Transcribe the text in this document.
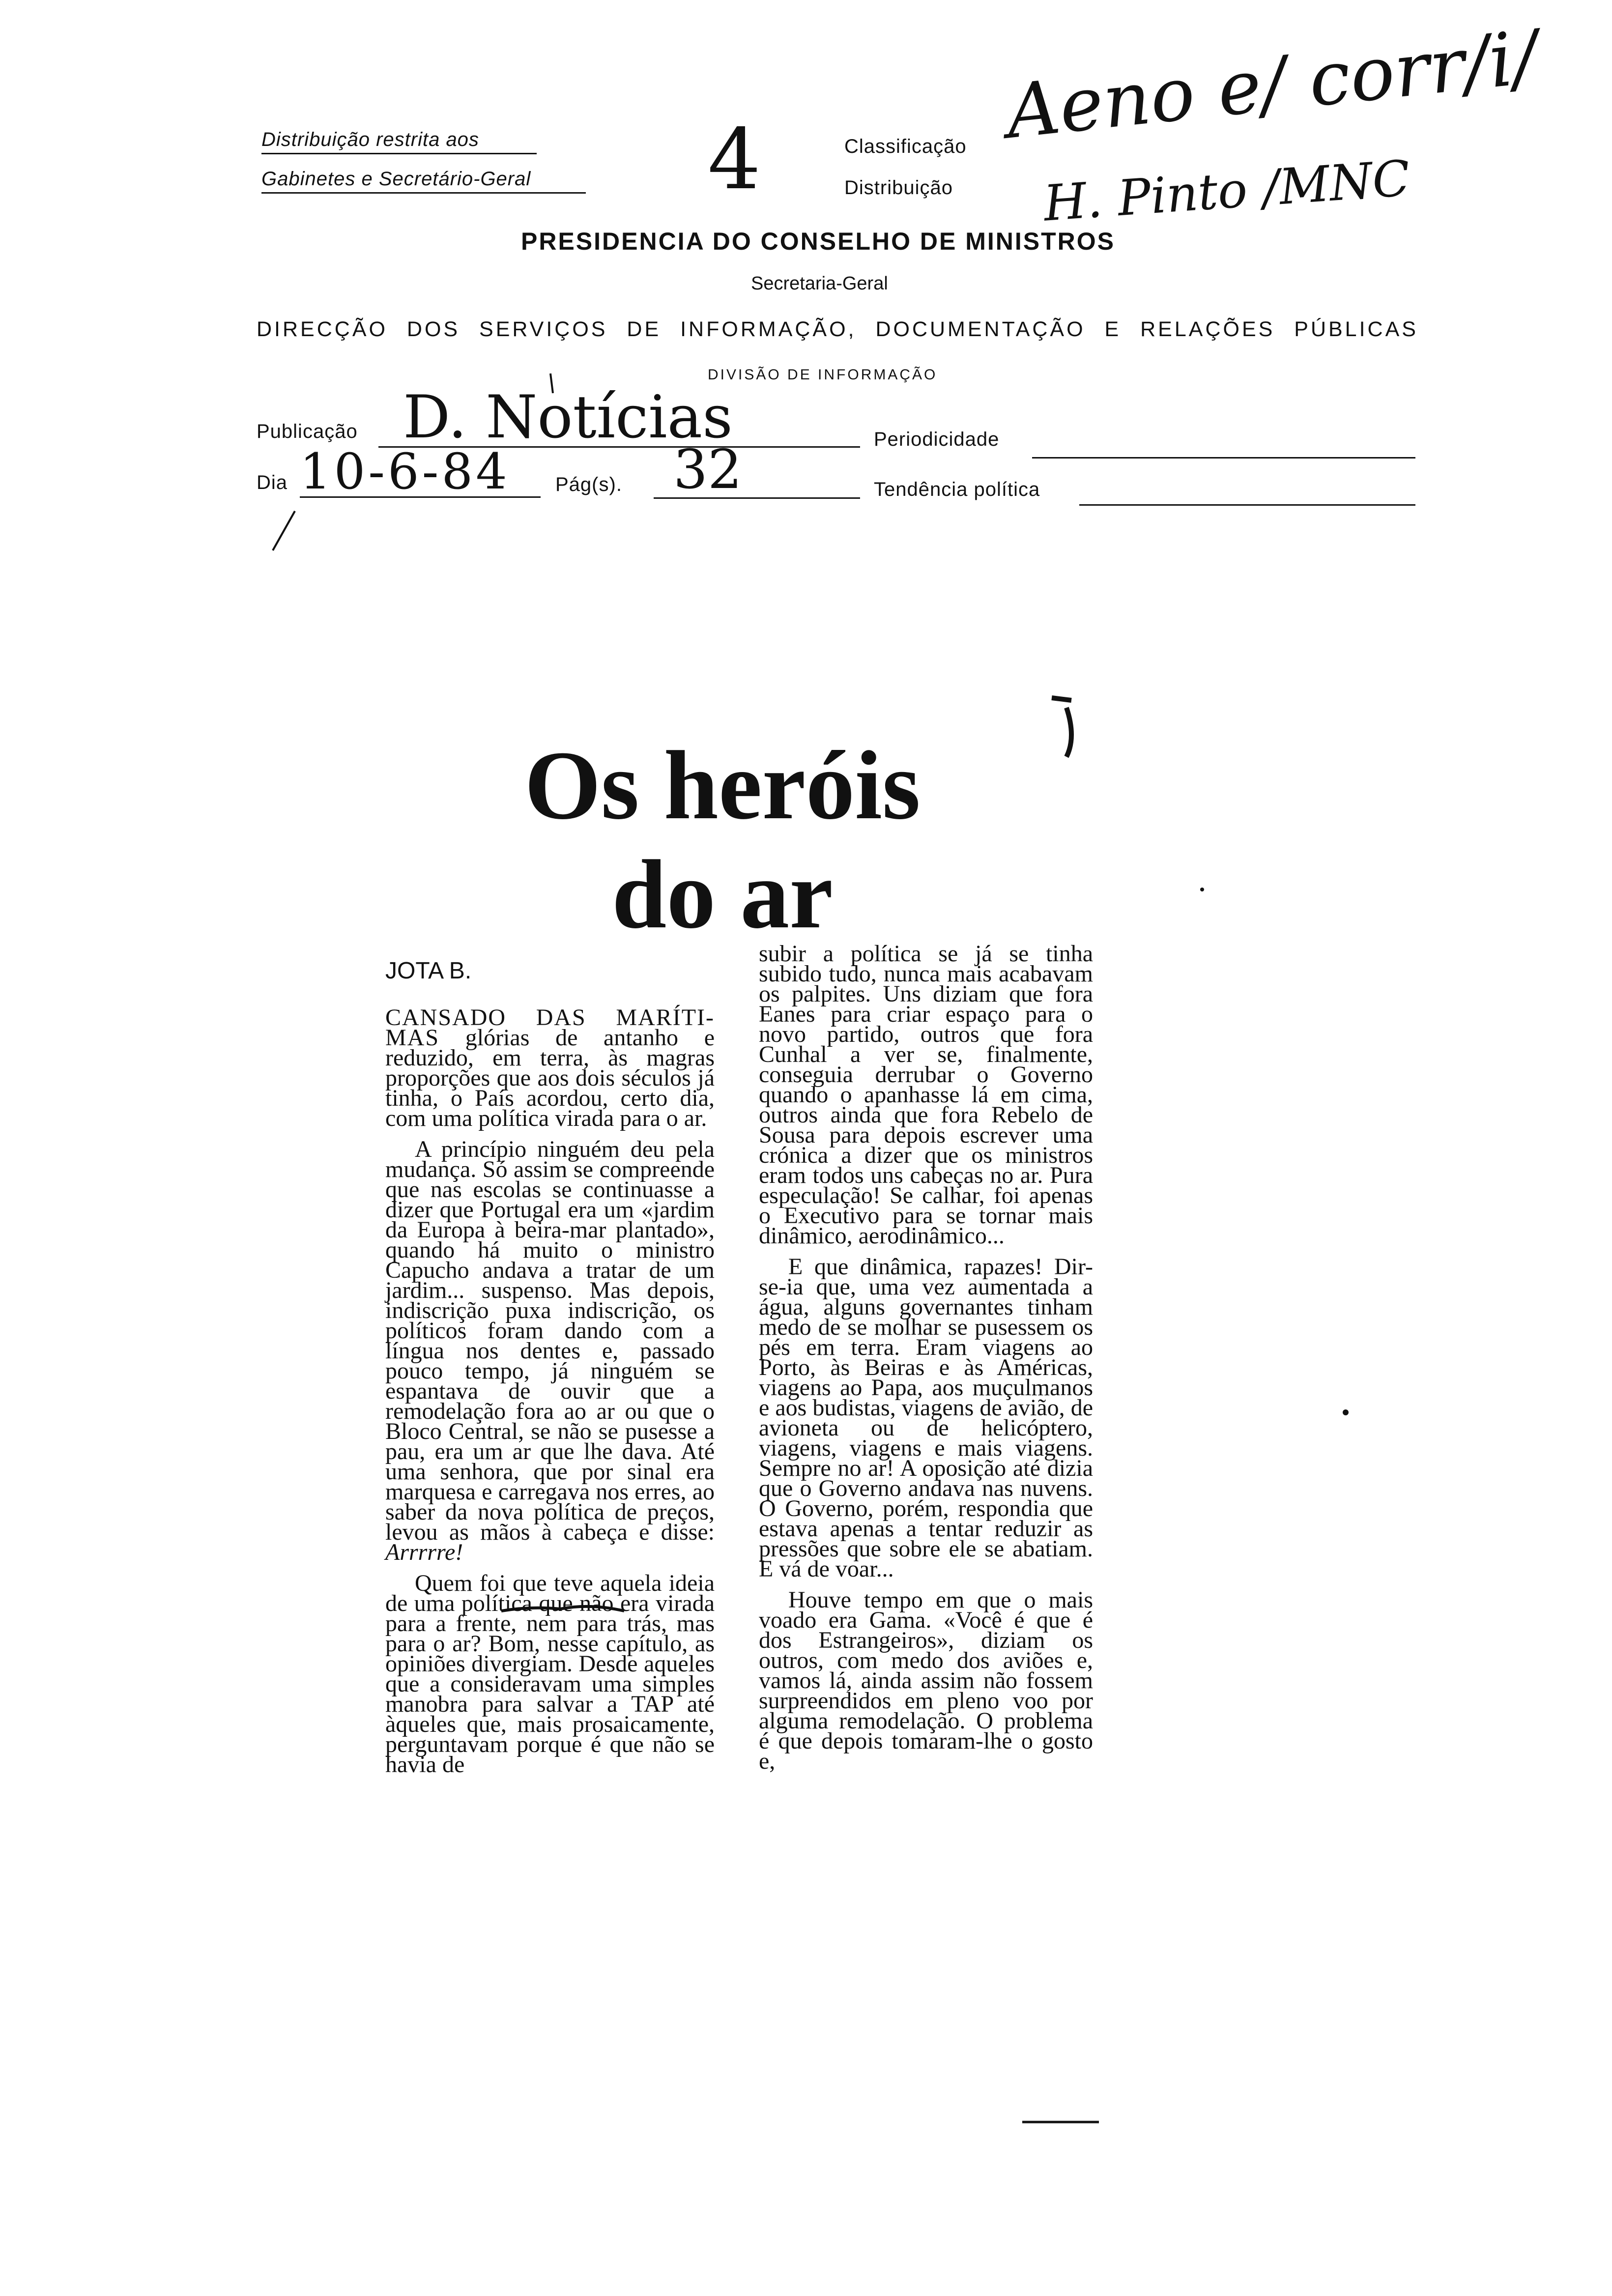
Distribuição restrita aos
Gabinetes e Secretário-Geral	4	Classificação
Distribuição
Aeno e/ corr/i/
H. Pinto /MNC
PRESIDENCIA DO CONSELHO DE MINISTROS
Secretaria-Geral
DIRECÇÃO DOS SERVIÇOS DE INFORMAÇÃO, DOCUMENTAÇÃO E RELAÇÕES PÚBLICAS
DIVISÃO DE INFORMAÇÃO
Publicação D. Notícias	Periodicidade
Dia 10-6-84 Pág(s). 32	Tendência política
Os heróis
do ar
JOTA B.

CANSADO DAS MARÍTI-MAS glórias de antanho e reduzido, em terra, às magras proporções que aos dois séculos já tinha, o País acordou, certo dia, com uma política virada para o ar.

A princípio ninguém deu pela mudança. Só assim se compreende que nas escolas se continuasse a dizer que Portugal era um «jardim da Europa à beira-mar plantado», quando há muito o ministro Capucho andava a tratar de um jardim... suspenso. Mas depois, indiscrição puxa indiscrição, os políticos foram dando com a língua nos dentes e, passado pouco tempo, já ninguém se espantava de ouvir que a remodelação fora ao ar ou que o Bloco Central, se não se pusesse a pau, era um ar que lhe dava. Até uma senhora, que por sinal era marquesa e carregava nos erres, ao saber da nova política de preços, levou as mãos à cabeça e disse: Arrrrre!

Quem foi que teve aquela ideia de uma política que não era virada para a frente, nem para trás, mas para o ar? Bom, nesse capítulo, as opiniões divergiam. Desde aqueles que a consideravam uma simples manobra para salvar a TAP até àqueles que, mais prosaicamente, perguntavam porque é que não se havia de

subir a política se já se tinha subido tudo, nunca mais acabavam os palpites. Uns diziam que fora Eanes para criar espaço para o novo partido, outros que fora Cunhal a ver se, finalmente, conseguia derrubar o Governo quando o apanhasse lá em cima, outros ainda que fora Rebelo de Sousa para depois escrever uma crónica a dizer que os ministros eram todos uns cabeças no ar. Pura especulação! Se calhar, foi apenas o Executivo para se tornar mais dinâmico, aerodinâmico...

E que dinâmica, rapazes! Dir-se-ia que, uma vez aumentada a água, alguns governantes tinham medo de se molhar se pusessem os pés em terra. Eram viagens ao Porto, às Beiras e às Américas, viagens ao Papa, aos muçulmanos e aos budistas, viagens de avião, de avioneta ou de helicóptero, viagens, viagens e mais viagens. Sempre no ar! A oposição até dizia que o Governo andava nas nuvens. O Governo, porém, respondia que estava apenas a tentar reduzir as pressões que sobre ele se abatiam. E vá de voar...

Houve tempo em que o mais voado era Gama. «Você é que é dos Estrangeiros», diziam os outros, com medo dos aviões e, vamos lá, ainda assim não fossem surpreendidos em pleno voo por alguma remodelação. O problema é que depois tomaram-lhe o gosto e,
